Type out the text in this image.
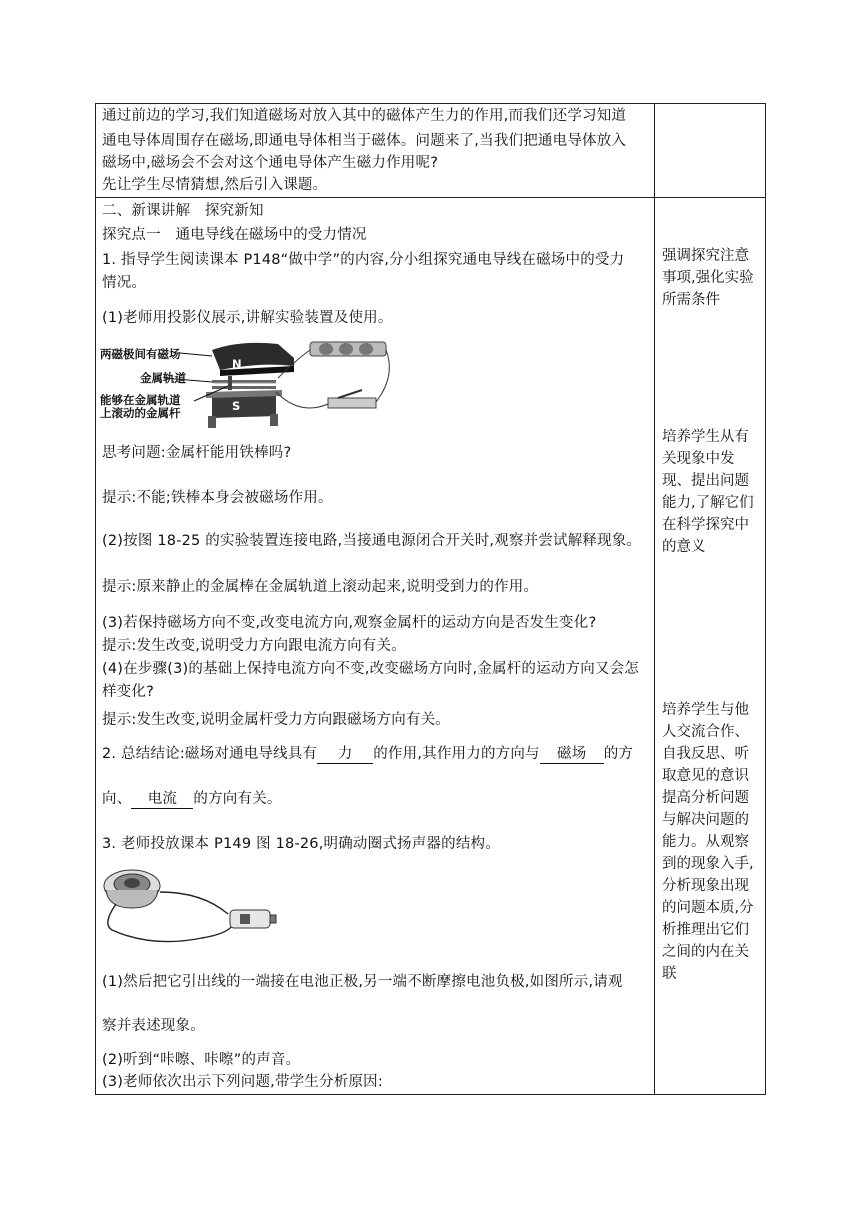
通过前边的学习,我们知道磁场对放入其中的磁体产生力的作用,而我们还学习知道
通电导体周围存在磁场,即通电导体相当于磁体。问题来了,当我们把通电导体放入
磁场中,磁场会不会对这个通电导体产生磁力作用呢?
先让学生尽情猜想,然后引入课题。
二、新课讲解　探究新知
探究点一　通电导线在磁场中的受力情况
1. 指导学生阅读课本 P148“做中学”的内容,分小组探究通电导线在磁场中的受力
情况。
(1)老师用投影仪展示,讲解实验装置及使用。
两磁极间有磁场
金属轨道
能够在金属轨道
上滚动的金属杆
N
S
思考问题:金属杆能用铁棒吗?
提示:不能;铁棒本身会被磁场作用。
(2)按图 18-25 的实验装置连接电路,当接通电源闭合开关时,观察并尝试解释现象。
提示:原来静止的金属棒在金属轨道上滚动起来,说明受到力的作用。
(3)若保持磁场方向不变,改变电流方向,观察金属杆的运动方向是否发生变化?
提示:发生改变,说明受力方向跟电流方向有关。
(4)在步骤(3)的基础上保持电流方向不变,改变磁场方向时,金属杆的运动方向又会怎
样变化?
提示:发生改变,说明金属杆受力方向跟磁场方向有关。
2. 总结结论:磁场对通电导线具有 力 的作用,其作用力的方向与 磁场 的方
向、 电流 的方向有关。
3. 老师投放课本 P149 图 18-26,明确动圈式扬声器的结构。
(1)然后把它引出线的一端接在电池正极,另一端不断摩擦电池负极,如图所示,请观
察并表述现象。
(2)听到“咔嚓、咔嚓”的声音。
(3)老师依次出示下列问题,带学生分析原因:
强调探究注意
事项,强化实验
所需条件
培养学生从有
关现象中发
现、提出问题
能力,了解它们
在科学探究中
的意义
培养学生与他
人交流合作、
自我反思、听
取意见的意识
提高分析问题
与解决问题的
能力。从观察
到的现象入手,
分析现象出现
的问题本质,分
析推理出它们
之间的内在关
联
